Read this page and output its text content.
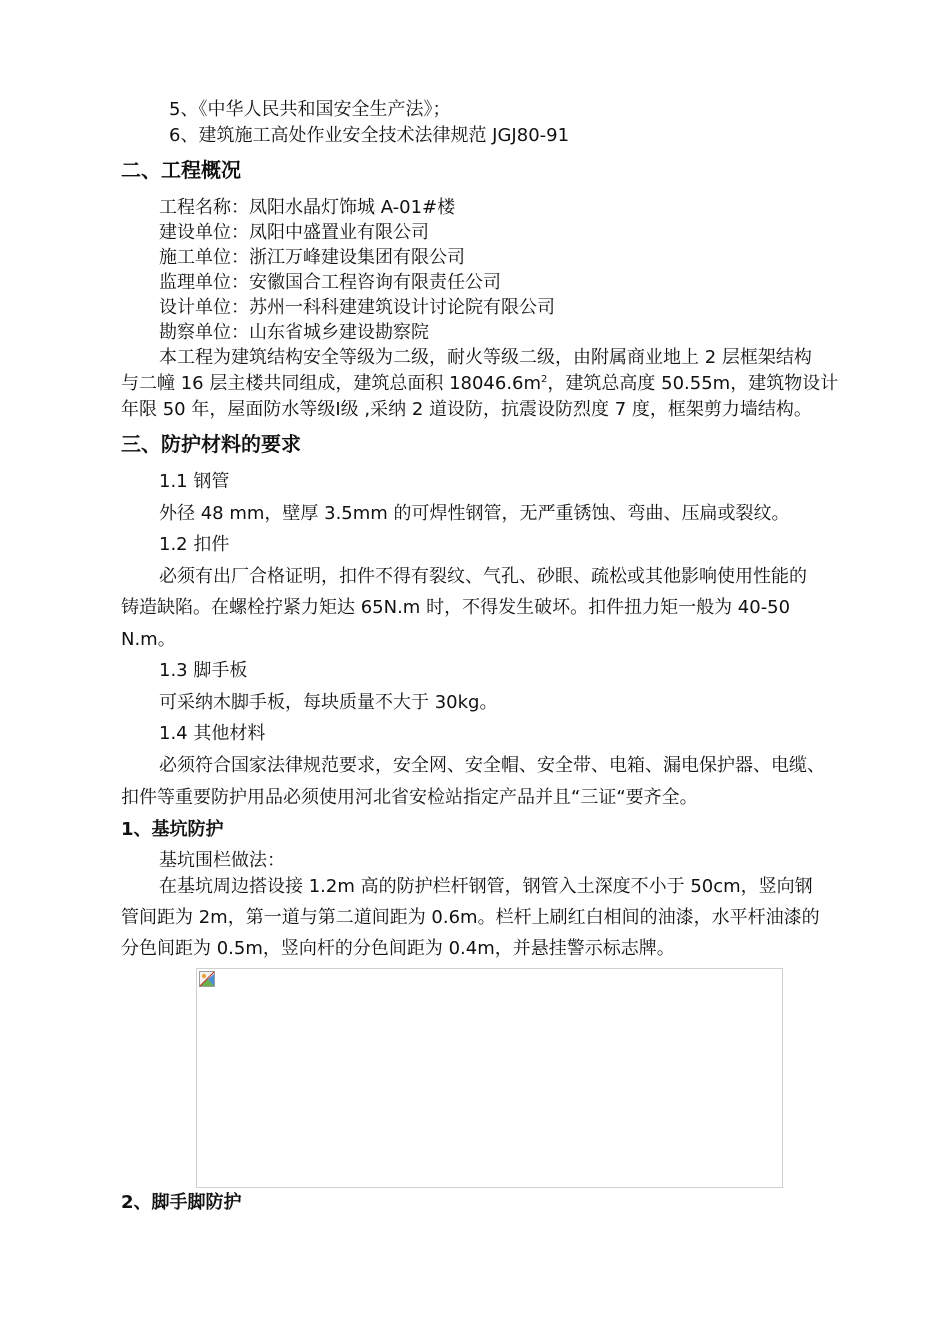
5、《中华人民共和国安全生产法》；
6、建筑施工高处作业安全技术法律规范 JGJ80-91
二、工程概况
工程名称：凤阳水晶灯饰城 A-01#楼
建设单位：凤阳中盛置业有限公司
施工单位：浙江万峰建设集团有限公司
监理单位：安徽国合工程咨询有限责任公司
设计单位：苏州一科科建建筑设计讨论院有限公司
勘察单位：山东省城乡建设勘察院
本工程为建筑结构安全等级为二级，耐火等级二级，由附属商业地上 2 层框架结构
与二幢 16 层主楼共同组成，建筑总面积 $18046.6m^2$，建筑总高度 50.55m，建筑物设计
年限 50 年，屋面防水等级Ⅰ级 ,采纳 2 道设防，抗震设防烈度 7 度，框架剪力墙结构。
三、防护材料的要求
1.1 钢管
外径 48 mm，壁厚 3.5mm 的可焊性钢管，无严重锈蚀、弯曲、压扁或裂纹。
1.2 扣件
必须有出厂合格证明，扣件不得有裂纹、气孔、砂眼、疏松或其他影响使用性能的
铸造缺陷。在螺栓拧紧力矩达 65N.m 时，不得发生破坏。扣件扭力矩一般为 40-50
N.m。
1.3 脚手板
可采纳木脚手板，每块质量不大于 30kg。
1.4 其他材料
必须符合国家法律规范要求，安全网、安全帽、安全带、电箱、漏电保护器、电缆、
扣件等重要防护用品必须使用河北省安检站指定产品并且“三证“要齐全。
1、基坑防护
基坑围栏做法：
在基坑周边搭设接 1.2m 高的防护栏杆钢管，钢管入土深度不小于 50cm，竖向钢
管间距为 2m，第一道与第二道间距为 0.6m。栏杆上刷红白相间的油漆，水平杆油漆的
分色间距为 0.5m，竖向杆的分色间距为 0.4m，并悬挂警示标志牌。
2、脚手脚防护
